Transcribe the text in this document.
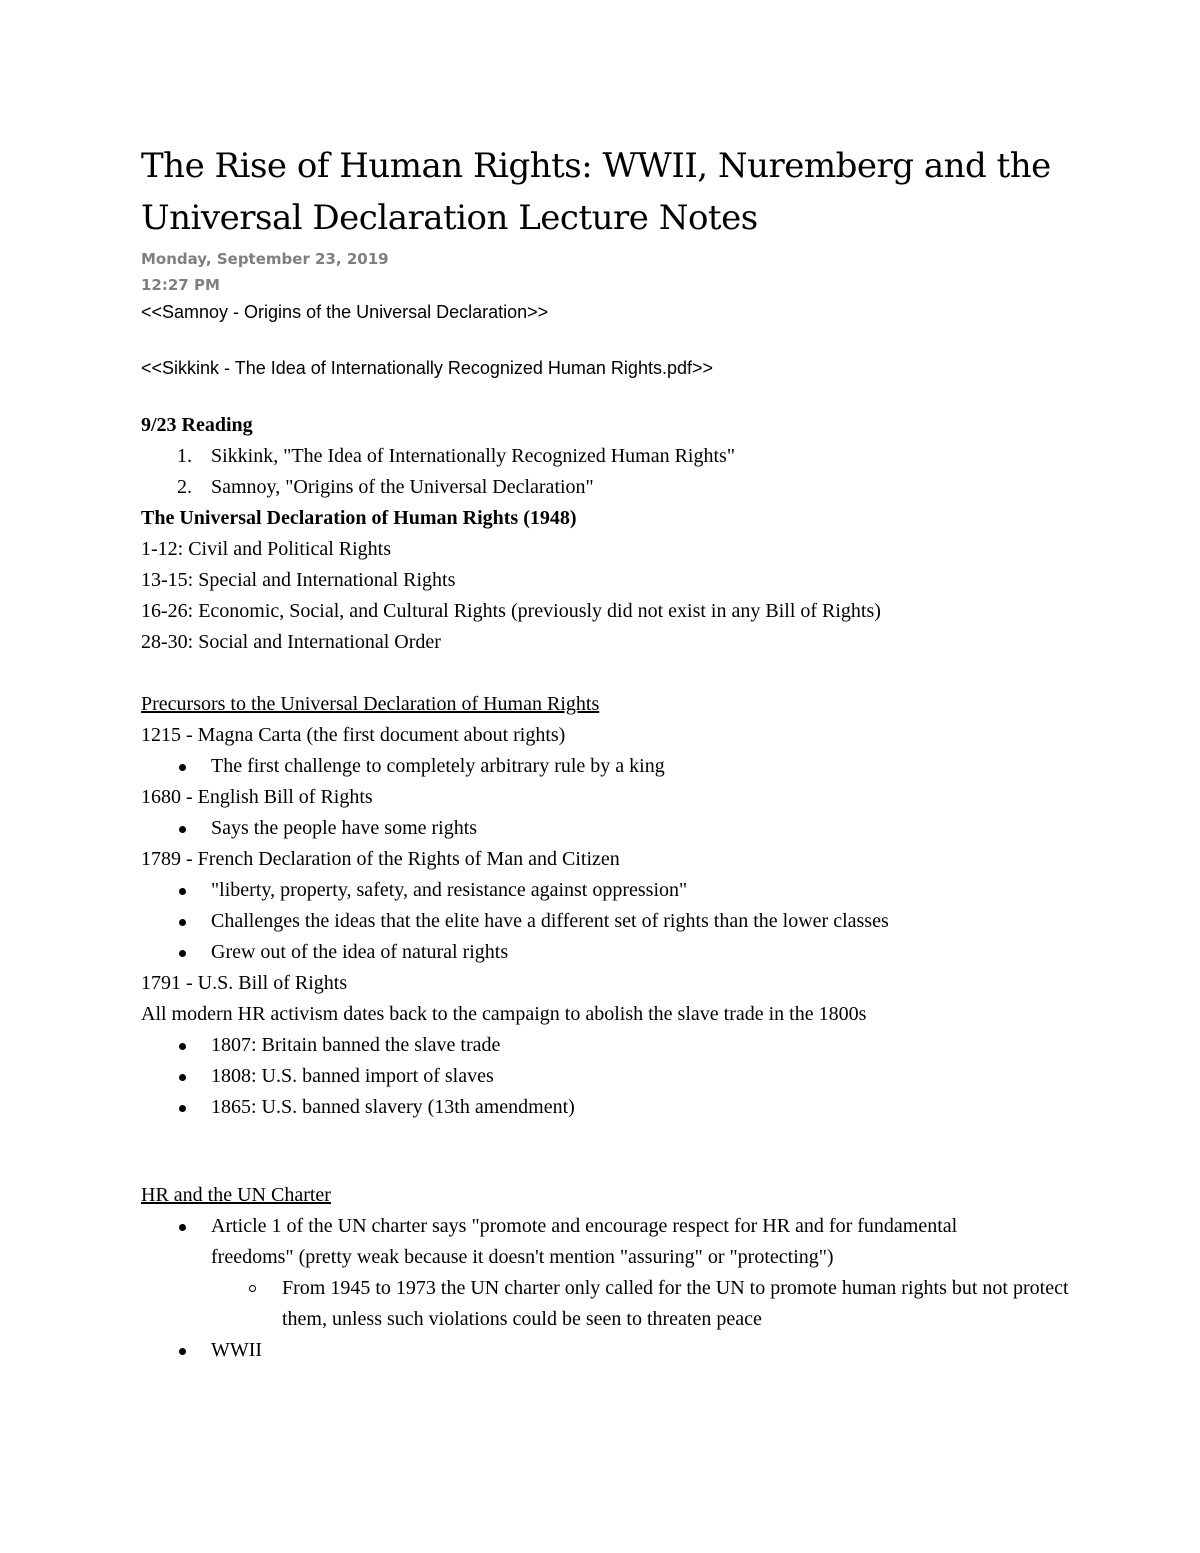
The Rise of Human Rights: WWII, Nuremberg and the
Universal Declaration Lecture Notes
Monday, September 23, 2019
12:27 PM
<<Samnoy - Origins of the Universal Declaration>>
<<Sikkink - The Idea of Internationally Recognized Human Rights.pdf>>
9/23 Reading
1. Sikkink, "The Idea of Internationally Recognized Human Rights"
2. Samnoy, "Origins of the Universal Declaration"
The Universal Declaration of Human Rights (1948)
1-12: Civil and Political Rights
13-15: Special and International Rights
16-26: Economic, Social, and Cultural Rights (previously did not exist in any Bill of Rights)
28-30: Social and International Order
Precursors to the Universal Declaration of Human Rights
1215 - Magna Carta (the first document about rights)
The first challenge to completely arbitrary rule by a king
1680 - English Bill of Rights
Says the people have some rights
1789 - French Declaration of the Rights of Man and Citizen
"liberty, property, safety, and resistance against oppression"
Challenges the ideas that the elite have a different set of rights than the lower classes
Grew out of the idea of natural rights
1791 - U.S. Bill of Rights
All modern HR activism dates back to the campaign to abolish the slave trade in the 1800s
1807: Britain banned the slave trade
1808: U.S. banned import of slaves
1865: U.S. banned slavery (13th amendment)
HR and the UN Charter
Article 1 of the UN charter says "promote and encourage respect for HR and for fundamental freedoms" (pretty weak because it doesn't mention "assuring" or "protecting")
From 1945 to 1973 the UN charter only called for the UN to promote human rights but not protect them, unless such violations could be seen to threaten peace
WWII
